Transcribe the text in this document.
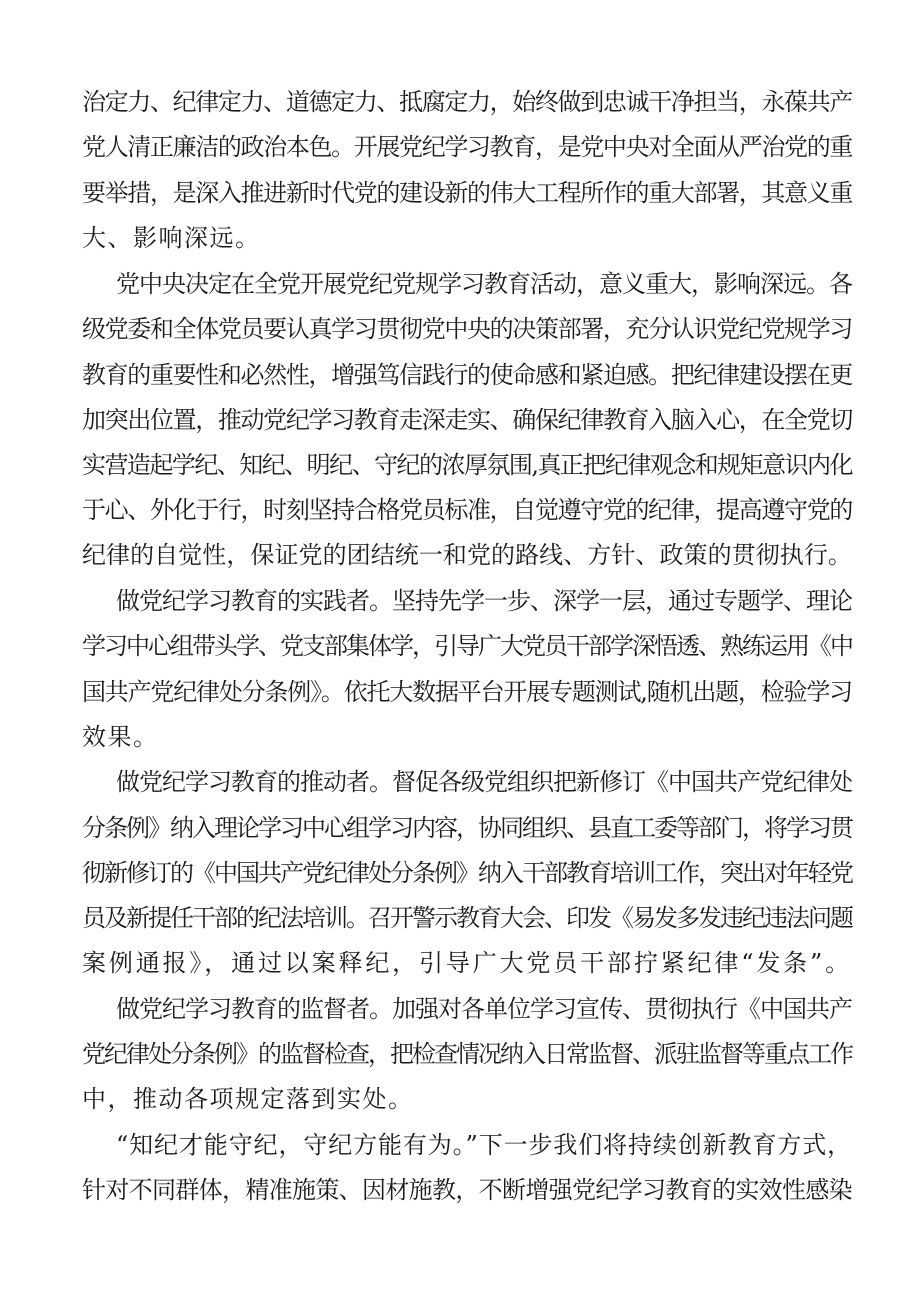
治定力、纪律定力、道德定力、抵腐定力，始终做到忠诚干净担当，永葆共产
党人清正廉洁的政治本色。开展党纪学习教育，是党中央对全面从严治党的重
要举措，是深入推进新时代党的建设新的伟大工程所作的重大部署，其意义重
大、影响深远。
党中央决定在全党开展党纪党规学习教育活动，意义重大，影响深远。各
级党委和全体党员要认真学习贯彻党中央的决策部署，充分认识党纪党规学习
教育的重要性和必然性，增强笃信践行的使命感和紧迫感。把纪律建设摆在更
加突出位置，推动党纪学习教育走深走实、确保纪律教育入脑入心，在全党切
实营造起学纪、知纪、明纪、守纪的浓厚氛围,真正把纪律观念和规矩意识内化
于心、外化于行，时刻坚持合格党员标准，自觉遵守党的纪律，提高遵守党的
纪律的自觉性，保证党的团结统一和党的路线、方针、政策的贯彻执行。
做党纪学习教育的实践者。坚持先学一步、深学一层，通过专题学、理论
学习中心组带头学、党支部集体学，引导广大党员干部学深悟透、熟练运用《中
国共产党纪律处分条例》。依托大数据平台开展专题测试,随机出题，检验学习
效果。
做党纪学习教育的推动者。督促各级党组织把新修订《中国共产党纪律处
分条例》纳入理论学习中心组学习内容，协同组织、县直工委等部门，将学习贯
彻新修订的《中国共产党纪律处分条例》纳入干部教育培训工作，突出对年轻党
员及新提任干部的纪法培训。召开警示教育大会、印发《易发多发违纪违法问题
案例通报》，通过以案释纪，引导广大党员干部拧紧纪律“发条”。
做党纪学习教育的监督者。加强对各单位学习宣传、贯彻执行《中国共产
党纪律处分条例》的监督检查，把检查情况纳入日常监督、派驻监督等重点工作
中，推动各项规定落到实处。
“知纪才能守纪，守纪方能有为。”下一步我们将持续创新教育方式，
针对不同群体，精准施策、因材施教，不断增强党纪学习教育的实效性感染
